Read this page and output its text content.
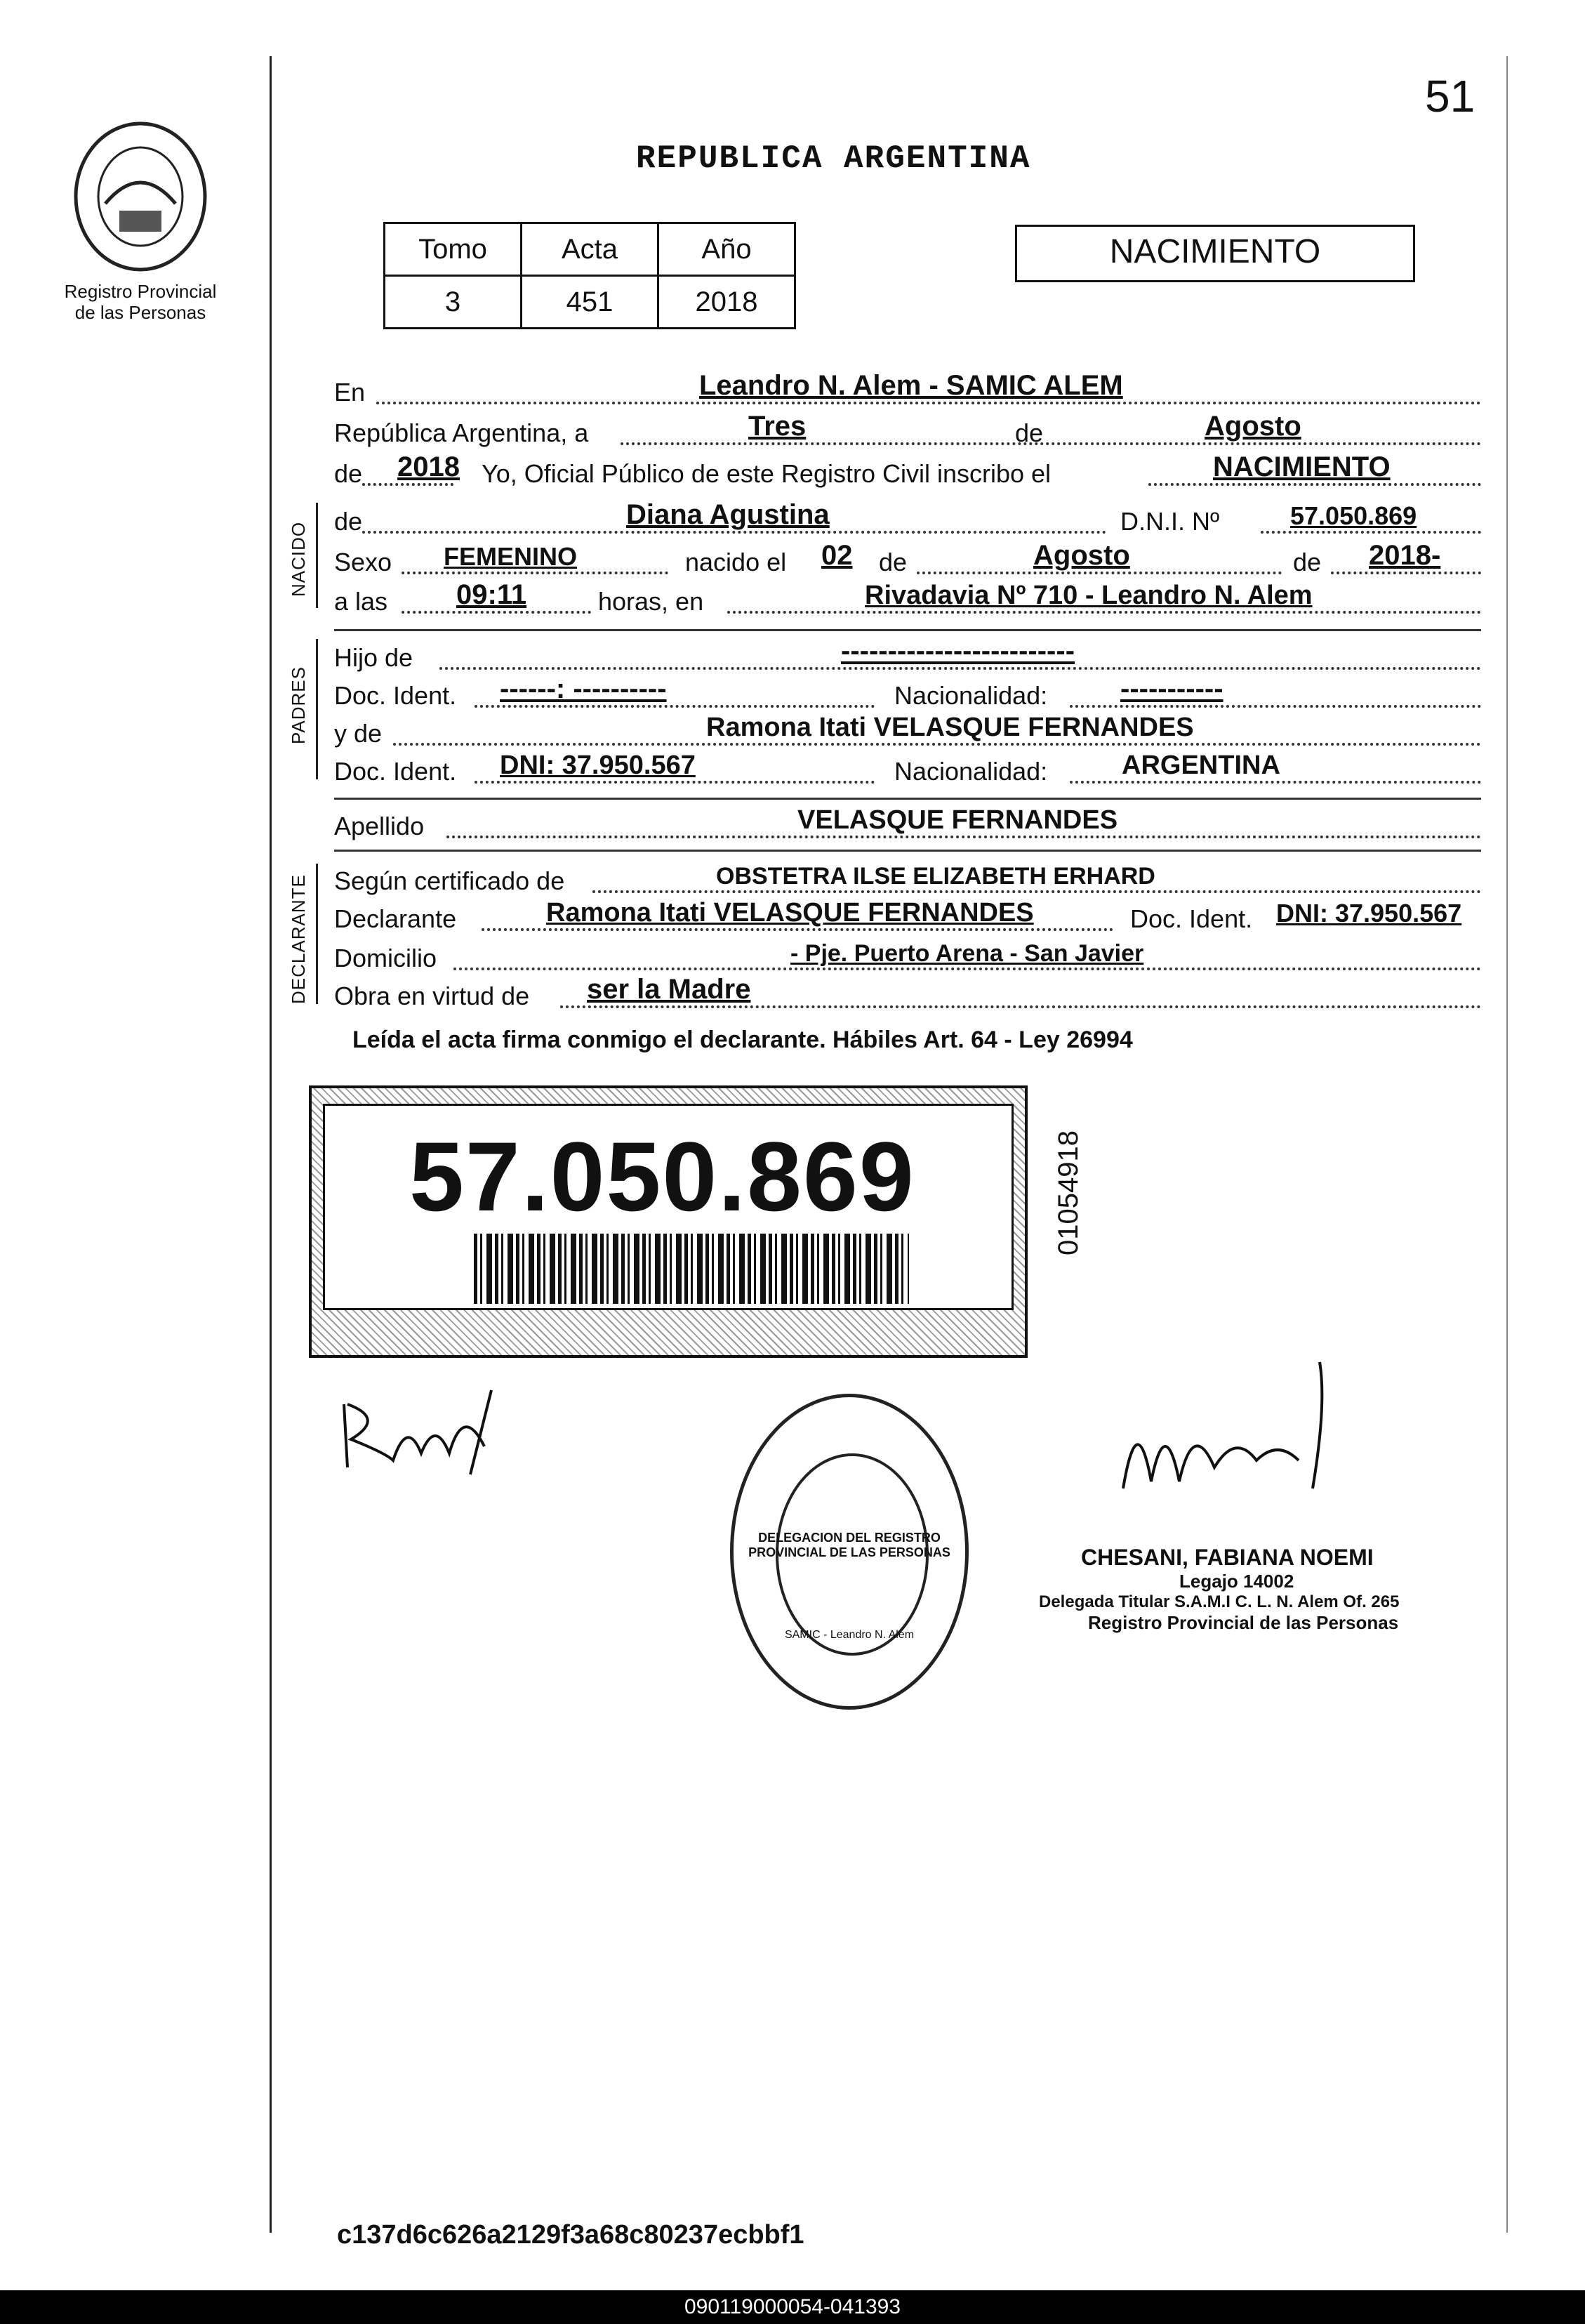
Registro Provincial
de las Personas
51
REPUBLICA ARGENTINA
Tomo	Acta	Año
3	451	2018
NACIMIENTO
En	Leandro N. Alem - SAMIC ALEM
República Argentina, a	Tres	de	Agosto
de 2018 Yo, Oficial Público de este Registro Civil inscribo el	NACIMIENTO
NACIDO
de	Diana Agustina	D.N.I. Nº	57.050.869
Sexo FEMENINO	nacido el 02 de	Agosto	de 2018-
a las 09:11	horas, en	Rivadavia Nº 710 - Leandro N. Alem
PADRES
Hijo de	-------------------------
Doc. Ident. ------: ----------	Nacionalidad:	-----------
y de	Ramona Itati VELASQUE FERNANDES
Doc. Ident. DNI: 37.950.567	Nacionalidad:	ARGENTINA
Apellido	VELASQUE FERNANDES
DECLARANTE Según certificado de	OBSTETRA ILSE ELIZABETH ERHARD
Declarante	Ramona Itati VELASQUE FERNANDES	Doc. Ident. DNI: 37.950.567
Domicilio	- Pje. Puerto Arena - San Javier
Obra en virtud de ser la Madre
Leída el acta firma conmigo el declarante. Hábiles Art. 64 - Ley 26994
57.050.869	01054918
DELEGACION DEL REGISTRO PROVINCIAL DE LAS PERSONAS
SAMIC - Leandro N. Alem
CHESANI, FABIANA NOEMI
Legajo 14002
Delegada Titular S.A.M.I C. L. N. Alem Of. 265
Registro Provincial de las Personas
c137d6c626a2129f3a68c80237ecbbf1
090119000054-041393
